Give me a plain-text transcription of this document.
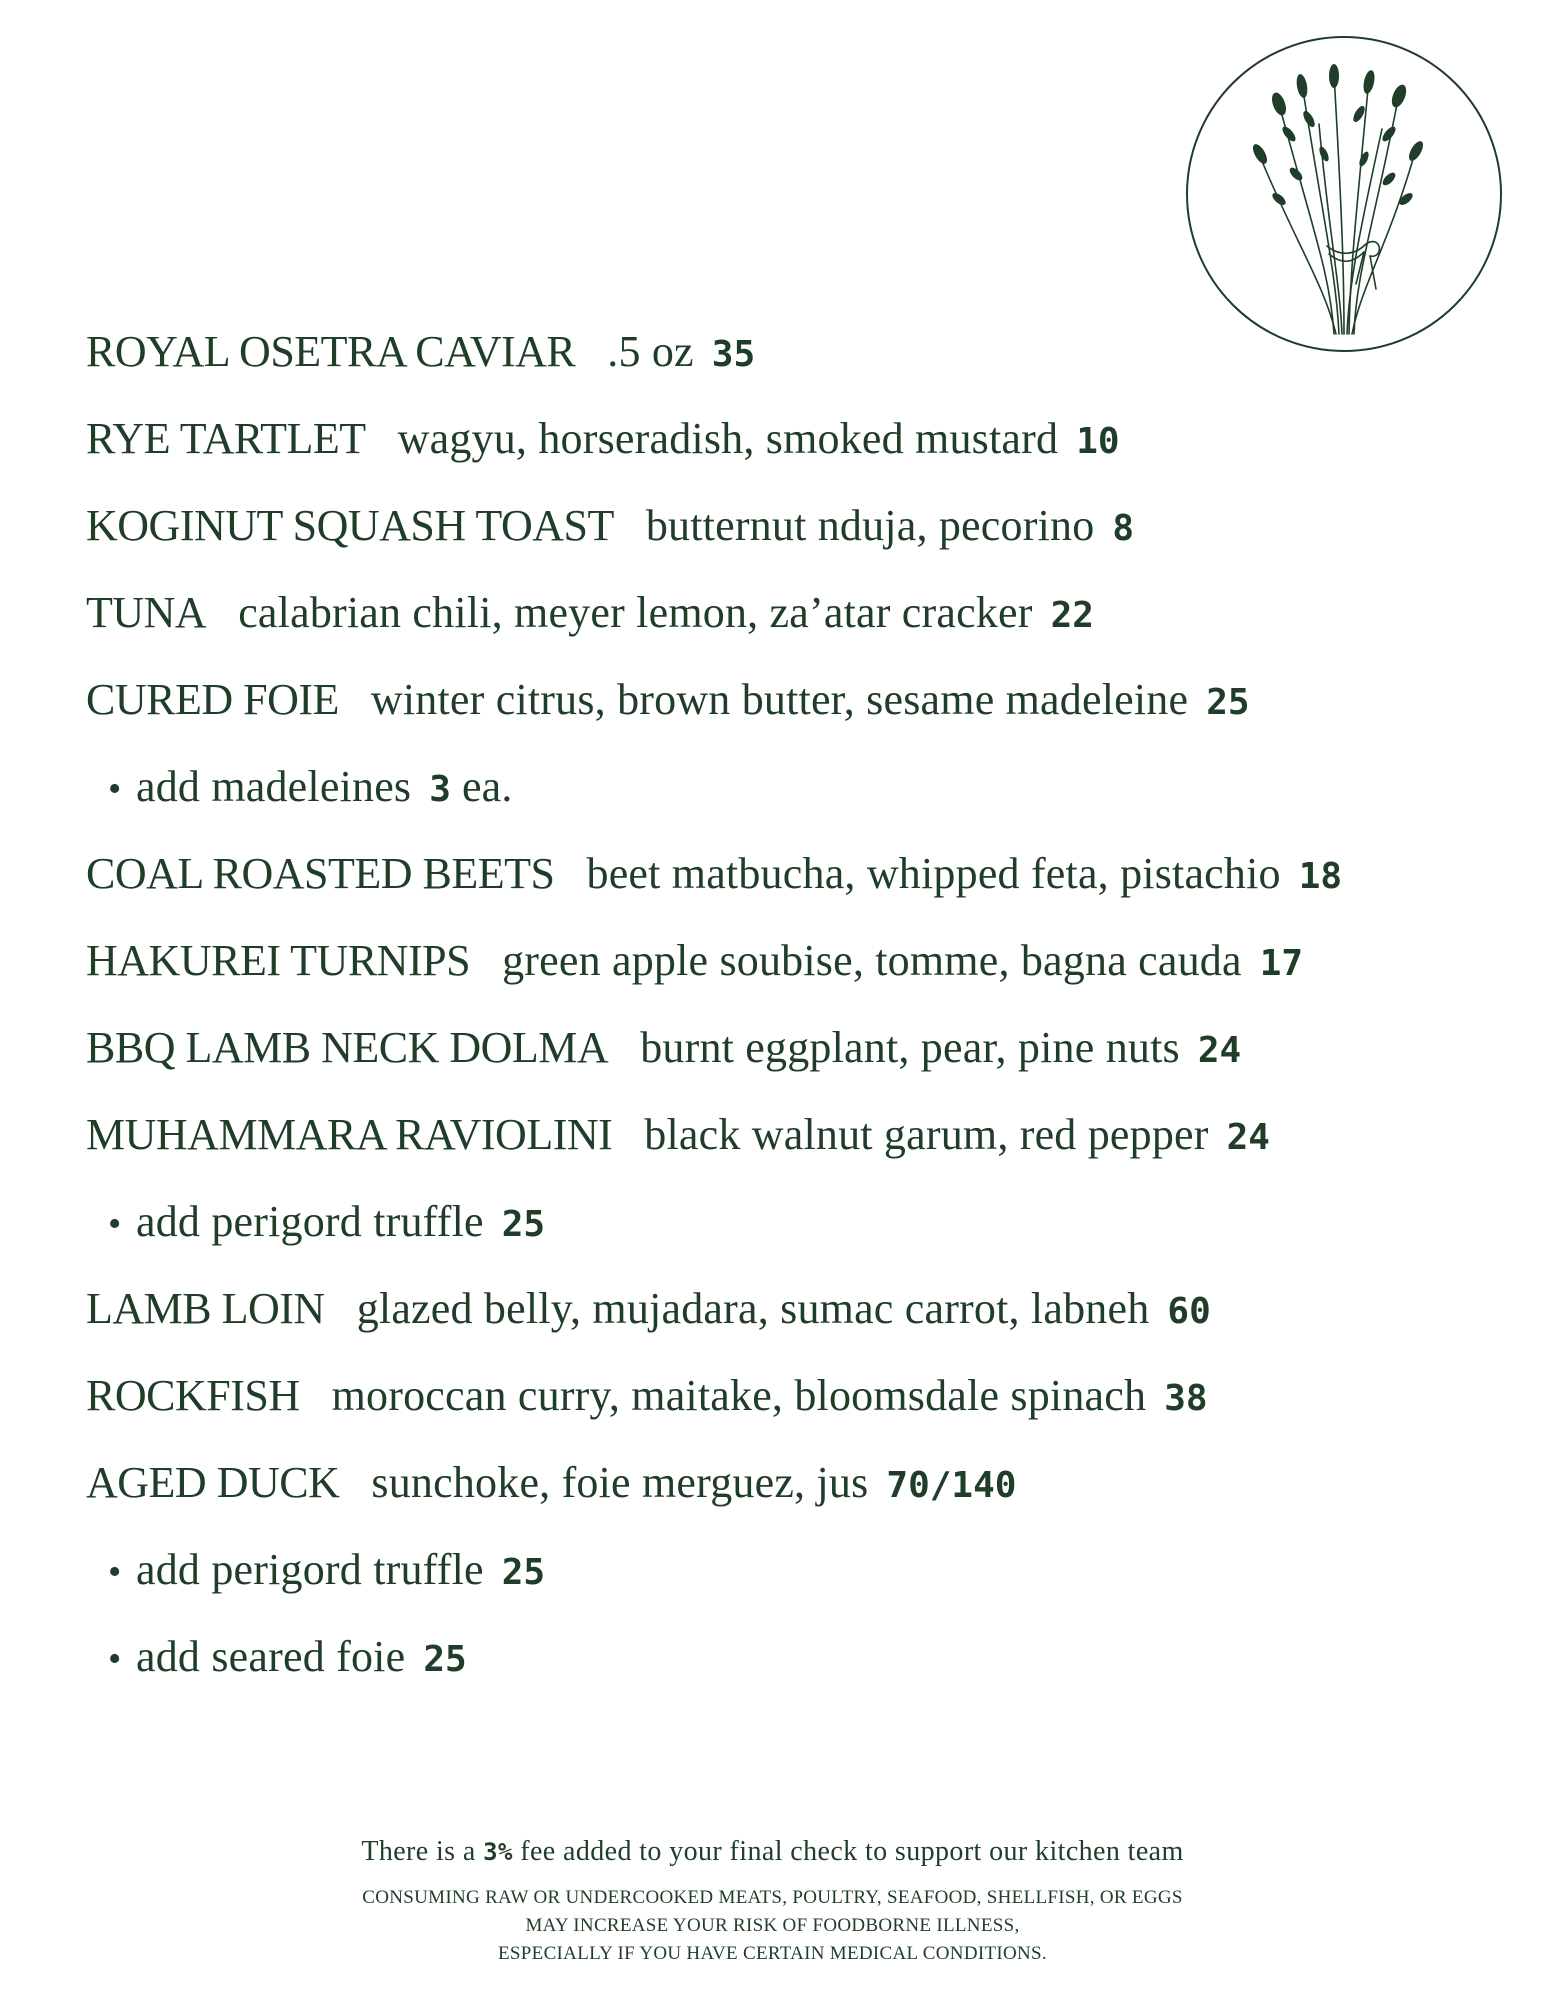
ROYAL OSETRA CAVIAR .5 oz 35
RYE TARTLET wagyu, horseradish, smoked mustard 10
KOGINUT SQUASH TOAST butternut nduja, pecorino 8
TUNA calabrian chili, meyer lemon, za’atar cracker 22
CURED FOIE winter citrus, brown butter, sesame madeleine 25
• add madeleines 3 ea.
COAL ROASTED BEETS beet matbucha, whipped feta, pistachio 18
HAKUREI TURNIPS green apple soubise, tomme, bagna cauda 17
BBQ LAMB NECK DOLMA burnt eggplant, pear, pine nuts 24
MUHAMMARA RAVIOLINI black walnut garum, red pepper 24
• add perigord truffle 25
LAMB LOIN glazed belly, mujadara, sumac carrot, labneh 60
ROCKFISH moroccan curry, maitake, bloomsdale spinach 38
AGED DUCK sunchoke, foie merguez, jus 70/140
• add perigord truffle 25
• add seared foie 25
There is a 3% fee added to your final check to support our kitchen team
CONSUMING RAW OR UNDERCOOKED MEATS, POULTRY, SEAFOOD, SHELLFISH, OR EGGS
MAY INCREASE YOUR RISK OF FOODBORNE ILLNESS,
ESPECIALLY IF YOU HAVE CERTAIN MEDICAL CONDITIONS.
